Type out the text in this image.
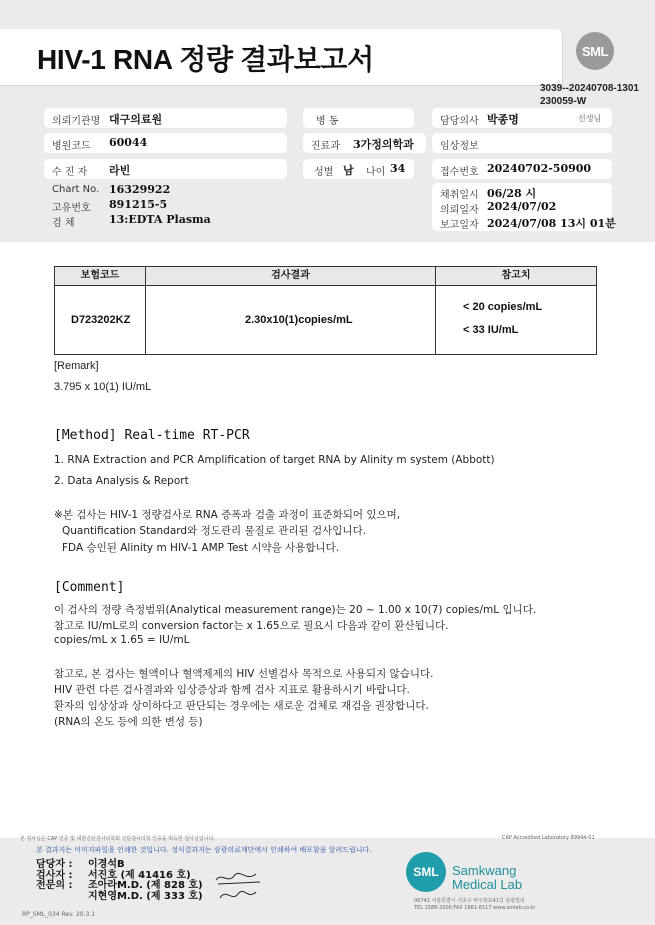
HIV-1 RNA 정량 결과보고서	SML
3039--20240708-1301
230059-W
의뢰기관명 대구의료원	병 동	담당의사 박종명	선생님
병원코드 60044	진료과 3가정의학과	임상정보
수 진 자 라빈	성별 남 나이 34	접수번호 20240702-50900
Chart No. 16329922
고유번호 891215-5
검 체	13:EDTA Plasma
채취일시 06/28 시
의뢰일자 2024/07/02
보고일자 2024/07/08 13시 01분
보험코드	검사결과	참고치
D723202KZ	2.30x10(1)copies/mL
< 20 copies/mL
< 33 IU/mL
[Remark]
3.795 x 10(1) IU/mL
[Method] Real-time RT-PCR
1. RNA Extraction and PCR Amplification of target RNA by Alinity m system (Abbott)
2. Data Analysis & Report
※본 검사는 HIV-1 정량검사로 RNA 증폭과 검출 과정이 표준화되어 있으며,
Quantification Standard와 정도관리 물질로 관리된 검사입니다.
FDA 승인된 Alinity m HIV-1 AMP Test 시약을 사용합니다.
[Comment]
이 검사의 정량 측정범위(Analytical measurement range)는 20 ~ 1.00 x 10(7) copies/mL 입니다.
참고로 IU/mL로의 conversion factor는 x 1.65으로 필요시 다음과 같이 환산됩니다.
copies/mL x 1.65 = IU/mL
참고로, 본 검사는 혈액이나 혈액제제의 HIV 선별검사 목적으로 사용되지 않습니다.
HIV 관련 다른 검사결과와 임상증상과 함께 검사 지표로 활용하시기 바랍니다.
환자의 임상상과 상이하다고 판단되는 경우에는 새로운 검체로 재검을 권장합니다.
(RNA의 온도 등에 의한 변성 등)
본 검사실은 CAP 인증 및 대한진단검사의학회 진단검사의학 인증을 획득한 검사실입니다.	CAP Accredited Laboratory 89944-01
본 결과지는 이미지파일을 인쇄한 것입니다. 정식결과지는 삼광의료재단에서 인쇄하여 배포함을 알려드립니다.
담당자 : 이경석B
검사자 : 서진호 (제 41416 호)
전문의 : 조아라M.D. (제 828 호)
지현영M.D. (제 333 호)
SML Samkwang
Medical Lab
06742 서울특별시 서초구 바우뫼로41길 삼광빌딩
TEL 1588-2000 FAX 1661-8117 www.smlab.co.kr
RP_SML_034 Rev. 20.3.1
